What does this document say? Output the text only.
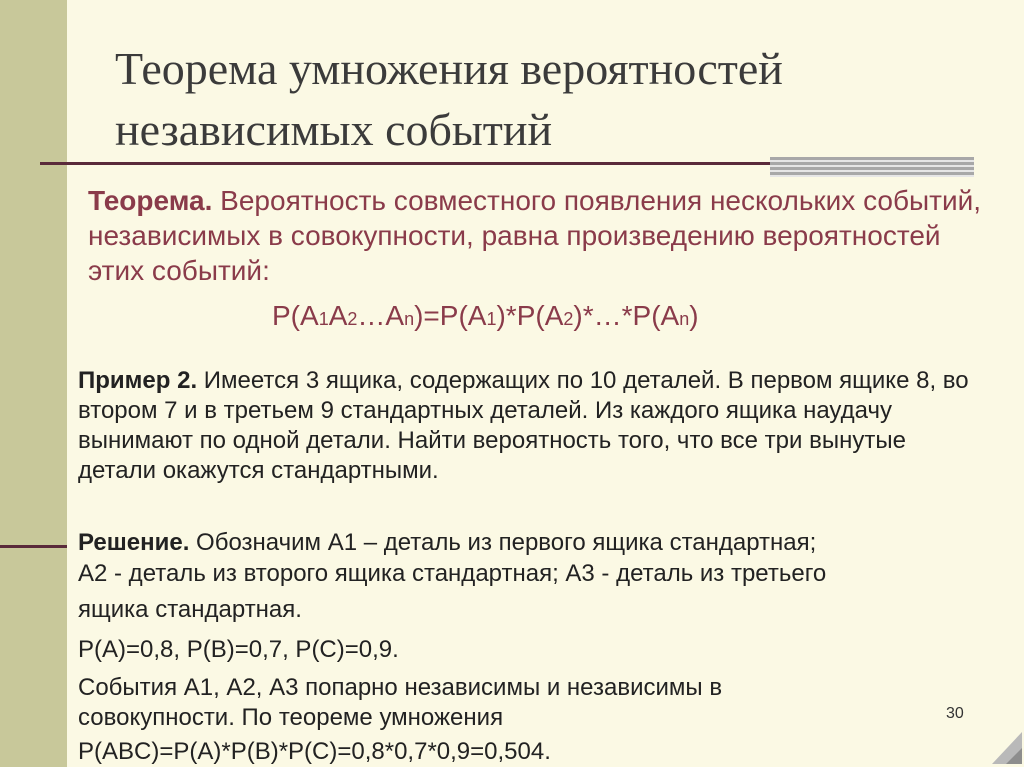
Теорема умножения вероятностей
независимых событий

Теорема. Вероятность совместного появления нескольких событий, независимых в совокупности, равна произведению вероятностей этих событий:

P(A1A2…An)=P(A1)*P(A2)*…*P(An)

Пример 2. Имеется 3 ящика, содержащих по 10 деталей. В первом ящике 8, во втором 7 и в третьем 9 стандартных деталей. Из каждого ящика наудачу вынимают по одной детали. Найти вероятность того, что все три вынутые детали окажутся стандартными.

Решение. Обозначим А1 – деталь из первого ящика стандартная;
А2 - деталь из второго ящика стандартная; А3 - деталь из третьего

ящика стандартная.

P(A)=0,8, P(B)=0,7, P(C)=0,9.

События А1, А2, А3 попарно независимы и независимы в
совокупности. По теореме умножения

P(ABC)=P(A)*P(B)*P(C)=0,8*0,7*0,9=0,504.

30
